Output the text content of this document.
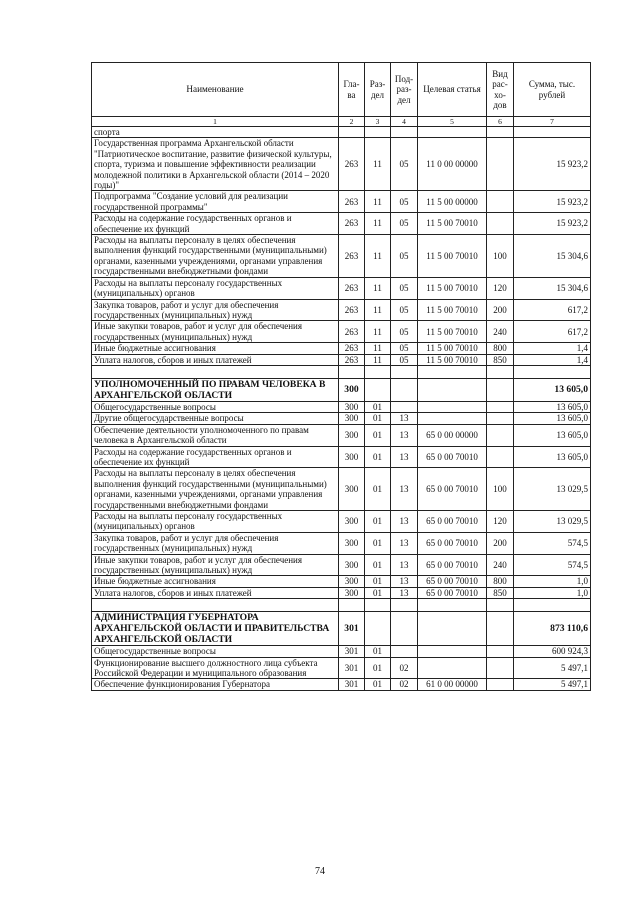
Наименование	Гла-ва	Раз-дел	Под-раз-дел	Целевая статья	Вид рас-хо-дов	Сумма, тыс. рублей
1	2	3	4	5	6	7
спорта						
Государственная программа Архангельской области "Патриотическое воспитание, развитие физической культуры, спорта, туризма и повышение эффективности реализации молодежной политики в Архангельской области (2014 – 2020 годы)"	263	11	05	11 0 00 00000		15 923,2
Подпрограмма "Создание условий для реализации государственной программы"	263	11	05	11 5 00 00000		15 923,2
Расходы на содержание государственных органов и обеспечение их функций	263	11	05	11 5 00 70010		15 923,2
Расходы на выплаты персоналу в целях обеспечения выполнения функций государственными (муниципальными) органами, казенными учреждениями, органами управления государственными внебюджетными фондами	263	11	05	11 5 00 70010	100	15 304,6
Расходы на выплаты персоналу государственных (муниципальных) органов	263	11	05	11 5 00 70010	120	15 304,6
Закупка товаров, работ и услуг для обеспечения государственных (муниципальных) нужд	263	11	05	11 5 00 70010	200	617,2
Иные закупки товаров, работ и услуг для обеспечения государственных (муниципальных) нужд	263	11	05	11 5 00 70010	240	617,2
Иные бюджетные ассигнования	263	11	05	11 5 00 70010	800	1,4
Уплата налогов, сборов и иных платежей	263	11	05	11 5 00 70010	850	1,4

УПОЛНОМОЧЕННЫЙ ПО ПРАВАМ ЧЕЛОВЕКА В АРХАНГЕЛЬСКОЙ ОБЛАСТИ	300					13 605,0
Общегосударственные вопросы	300	01				13 605,0
Другие общегосударственные вопросы	300	01	13			13 605,0
Обеспечение деятельности уполномоченного по правам человека в Архангельской области	300	01	13	65 0 00 00000		13 605,0
Расходы на содержание государственных органов и обеспечение их функций	300	01	13	65 0 00 70010		13 605,0
Расходы на выплаты персоналу в целях обеспечения выполнения функций государственными (муниципальными) органами, казенными учреждениями, органами управления государственными внебюджетными фондами	300	01	13	65 0 00 70010	100	13 029,5
Расходы на выплаты персоналу государственных (муниципальных) органов	300	01	13	65 0 00 70010	120	13 029,5
Закупка товаров, работ и услуг для обеспечения государственных (муниципальных) нужд	300	01	13	65 0 00 70010	200	574,5
Иные закупки товаров, работ и услуг для обеспечения государственных (муниципальных) нужд	300	01	13	65 0 00 70010	240	574,5
Иные бюджетные ассигнования	300	01	13	65 0 00 70010	800	1,0
Уплата налогов, сборов и иных платежей	300	01	13	65 0 00 70010	850	1,0

АДМИНИСТРАЦИЯ ГУБЕРНАТОРА АРХАНГЕЛЬСКОЙ ОБЛАСТИ И ПРАВИТЕЛЬСТВА АРХАНГЕЛЬСКОЙ ОБЛАСТИ	301					873 110,6
Общегосударственные вопросы	301	01				600 924,3
Функционирование высшего должностного лица субъекта Российской Федерации и муниципального образования	301	01	02			5 497,1
Обеспечение функционирования Губернатора	301	01	02	61 0 00 00000		5 497,1
74
